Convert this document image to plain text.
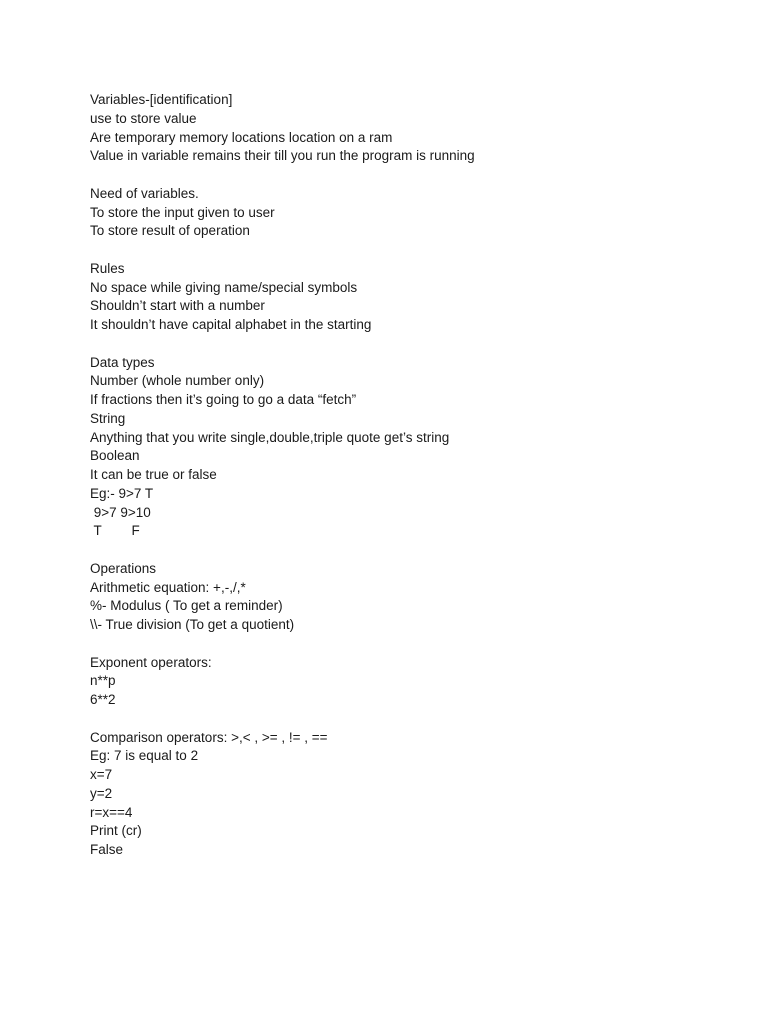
Variables-[identification]
use to store value
Are temporary memory locations location on a ram
Value in variable remains their till you run the program is running
Need of variables.
To store the input given to user
To store result of operation
Rules
No space while giving name/special symbols
Shouldn’t start with a number
It shouldn’t have capital alphabet in the starting
Data types
Number (whole number only)
If fractions then it’s going to go a data “fetch”
String
Anything that you write single,double,triple quote get’s string
Boolean
It can be true or false
Eg:- 9>7 T
9>7 9>10
T        F
Operations
Arithmetic equation: +,-,/,*
%- Modulus ( To get a reminder)
\\- True division (To get a quotient)
Exponent operators:
n**p
6**2
Comparison operators: >,< , >= , != , ==
Eg: 7 is equal to 2
x=7
y=2
r=x==4
Print (cr)
False
